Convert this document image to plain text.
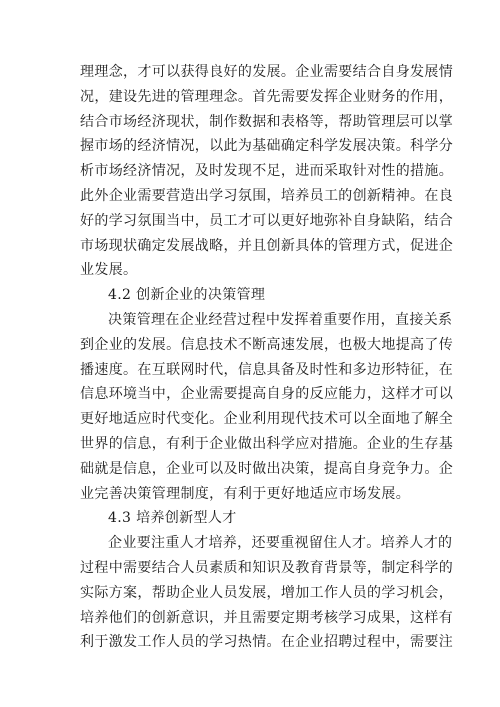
理理念，才可以获得良好的发展。企业需要结合自身发展情
况，建设先进的管理理念。首先需要发挥企业财务的作用，
结合市场经济现状，制作数据和表格等，帮助管理层可以掌
握市场的经济情况，以此为基础确定科学发展决策。科学分
析市场经济情况，及时发现不足，进而采取针对性的措施。
此外企业需要营造出学习氛围，培养员工的创新精神。在良
好的学习氛围当中，员工才可以更好地弥补自身缺陷，结合
市场现状确定发展战略，并且创新具体的管理方式，促进企
业发展。
4.2 创新企业的决策管理
决策管理在企业经营过程中发挥着重要作用，直接关系
到企业的发展。信息技术不断高速发展，也极大地提高了传
播速度。在互联网时代，信息具备及时性和多边形特征，在
信息环境当中，企业需要提高自身的反应能力，这样才可以
更好地适应时代变化。企业利用现代技术可以全面地了解全
世界的信息，有利于企业做出科学应对措施。企业的生存基
础就是信息，企业可以及时做出决策，提高自身竞争力。企
业完善决策管理制度，有利于更好地适应市场发展。
4.3 培养创新型人才
企业要注重人才培养，还要重视留住人才。培养人才的
过程中需要结合人员素质和知识及教育背景等，制定科学的
实际方案，帮助企业人员发展，增加工作人员的学习机会，
培养他们的创新意识，并且需要定期考核学习成果，这样有
利于激发工作人员的学习热情。在企业招聘过程中，需要注
